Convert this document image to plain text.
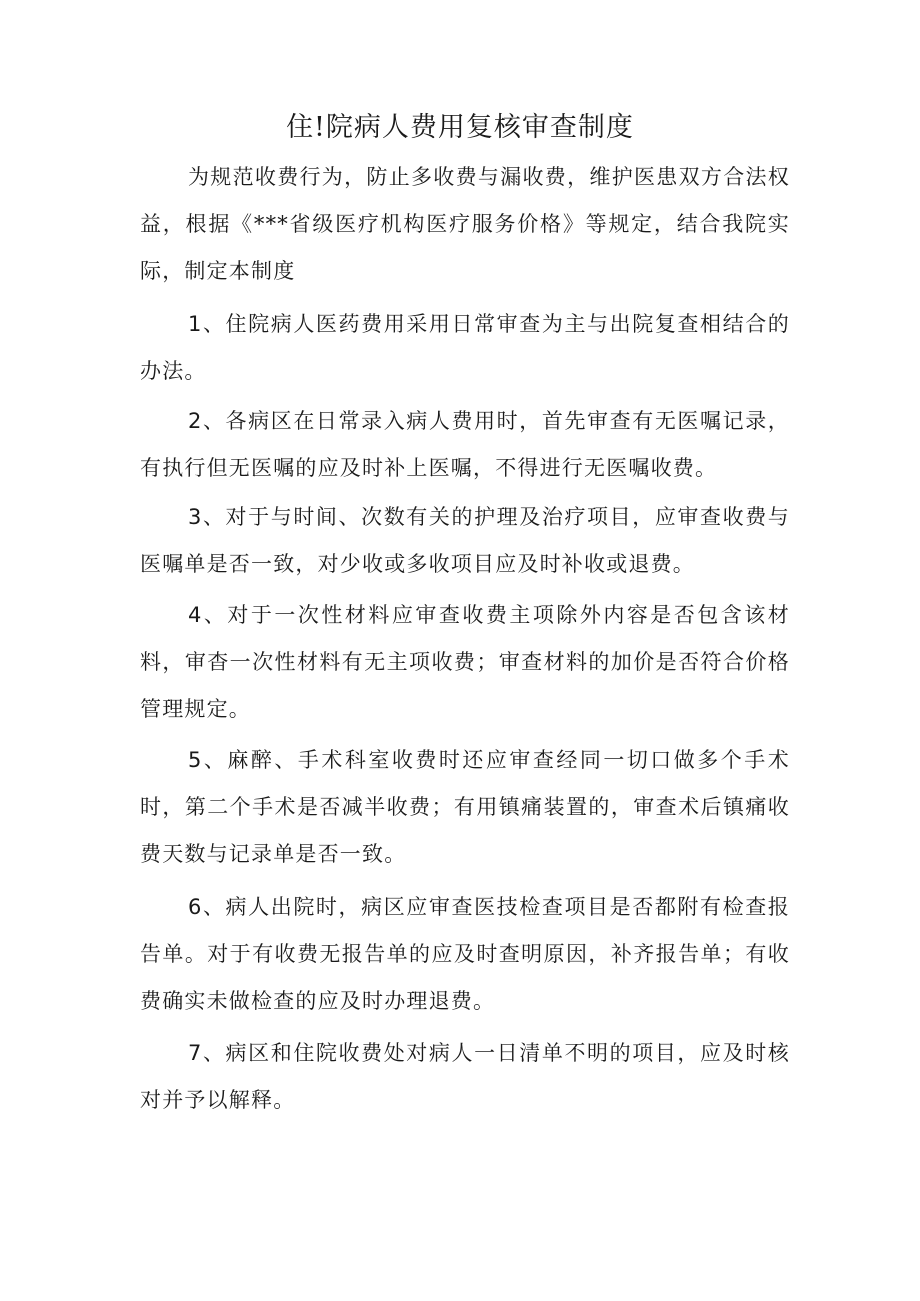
住!院病人费用复核审查制度

为规范收费行为，防止多收费与漏收费，维护医患双方合法权益，根据《***省级医疗机构医疗服务价格》等规定，结合我院实际，制定本制度

1、住院病人医药费用采用日常审查为主与出院复查相结合的办法。

2、各病区在日常录入病人费用时，首先审查有无医嘱记录，有执行但无医嘱的应及时补上医嘱，不得进行无医嘱收费。

3、对于与时间、次数有关的护理及治疗项目，应审查收费与医嘱单是否一致，对少收或多收项目应及时补收或退费。

4、对于一次性材料应审查收费主项除外内容是否包含该材料，审杳一次性材料有无主项收费；审查材料的加价是否符合价格管理规定。

5、麻醉、手术科室收费时还应审查经同一切口做多个手术时，第二个手术是否减半收费；有用镇痛装置的，审查术后镇痛收费天数与记录单是否一致。

6、病人出院时，病区应审查医技检查项目是否都附有检查报告单。对于有收费无报告单的应及时查明原因，补齐报告单；有收费确实未做检查的应及时办理退费。

7、病区和住院收费处对病人一日清单不明的项目，应及时核对并予以解释。
